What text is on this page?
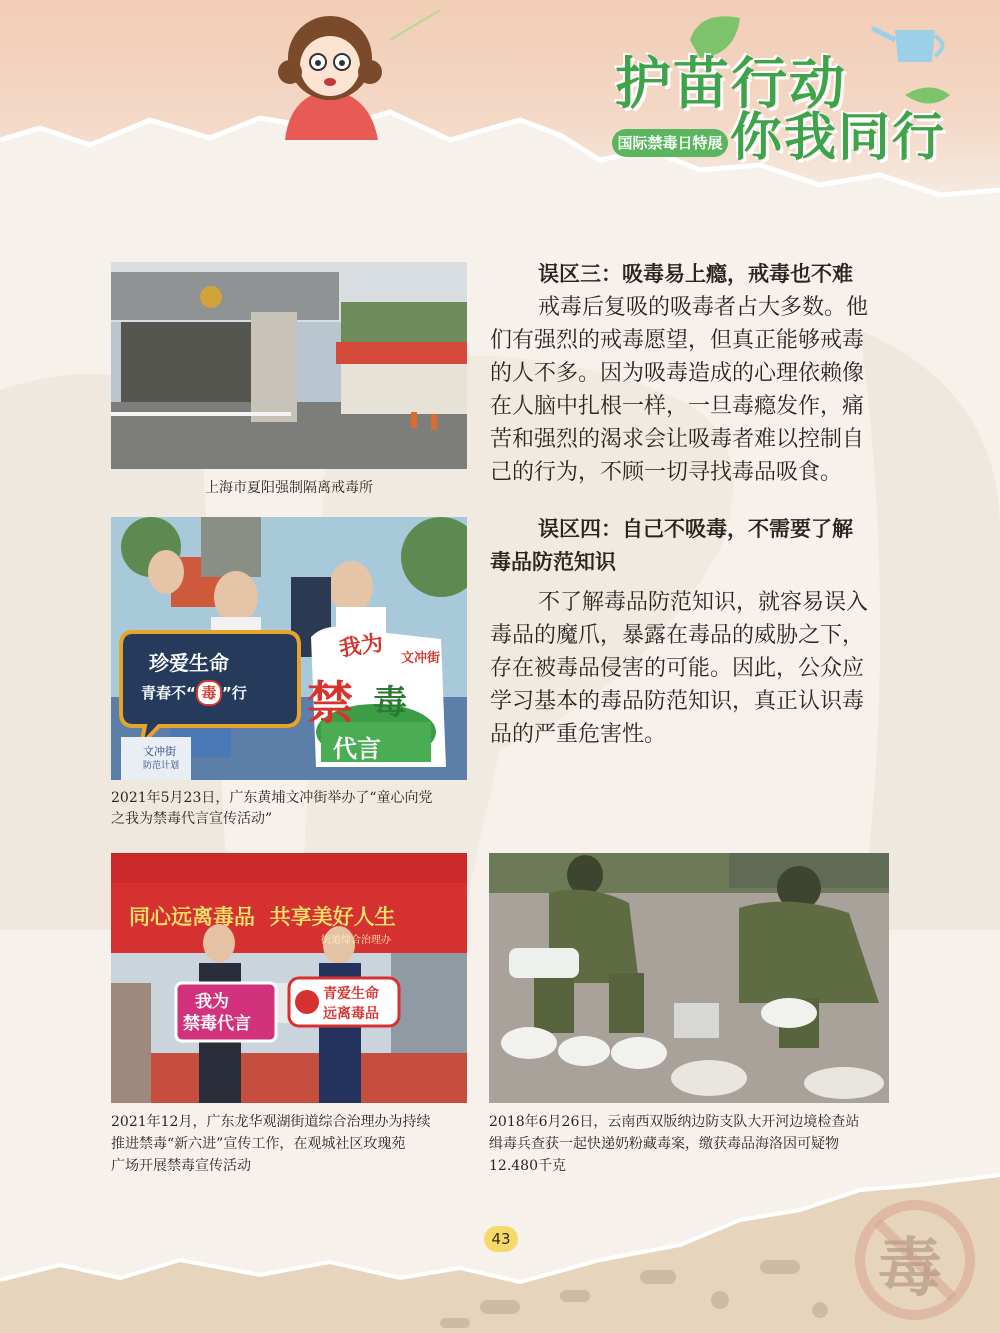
护苗行动
你我同行
国际禁毒日特展
上海市夏阳强制隔离戒毒所
误区三：吸毒易上瘾，戒毒也不难
戒毒后复吸的吸毒者占大多数。他
们有强烈的戒毒愿望，但真正能够戒毒
的人不多。因为吸毒造成的心理依赖像
在人脑中扎根一样，一旦毒瘾发作，痛
苦和强烈的渴求会让吸毒者难以控制自
己的行为，不顾一切寻找毒品吸食。
珍爱生命
青春不“ 毒 ”行
我为 文冲街
禁 毒
代言
文冲街
防范计划
2021年5月23日，广东黄埔文冲街举办了“童心向党
之我为禁毒代言宣传活动”
误区四：自己不吸毒，不需要了解
毒品防范知识
不了解毒品防范知识，就容易误入
毒品的魔爪，暴露在毒品的威胁之下，
存在被毒品侵害的可能。因此，公众应
学习基本的毒品防范知识，真正认识毒
品的严重危害性。
同心远离毒品  共享美好人生
街道综合治理办
我为
禁毒代言
青爱生命
远离毒品
2021年12月，广东龙华观湖街道综合治理办为持续
推进禁毒“新六进”宣传工作，在观城社区玫瑰苑
广场开展禁毒宣传活动
2018年6月26日，云南西双版纳边防支队大开河边境检查站
缉毒兵查获一起快递奶粉藏毒案，缴获毒品海洛因可疑物
12.480千克
毒
43
